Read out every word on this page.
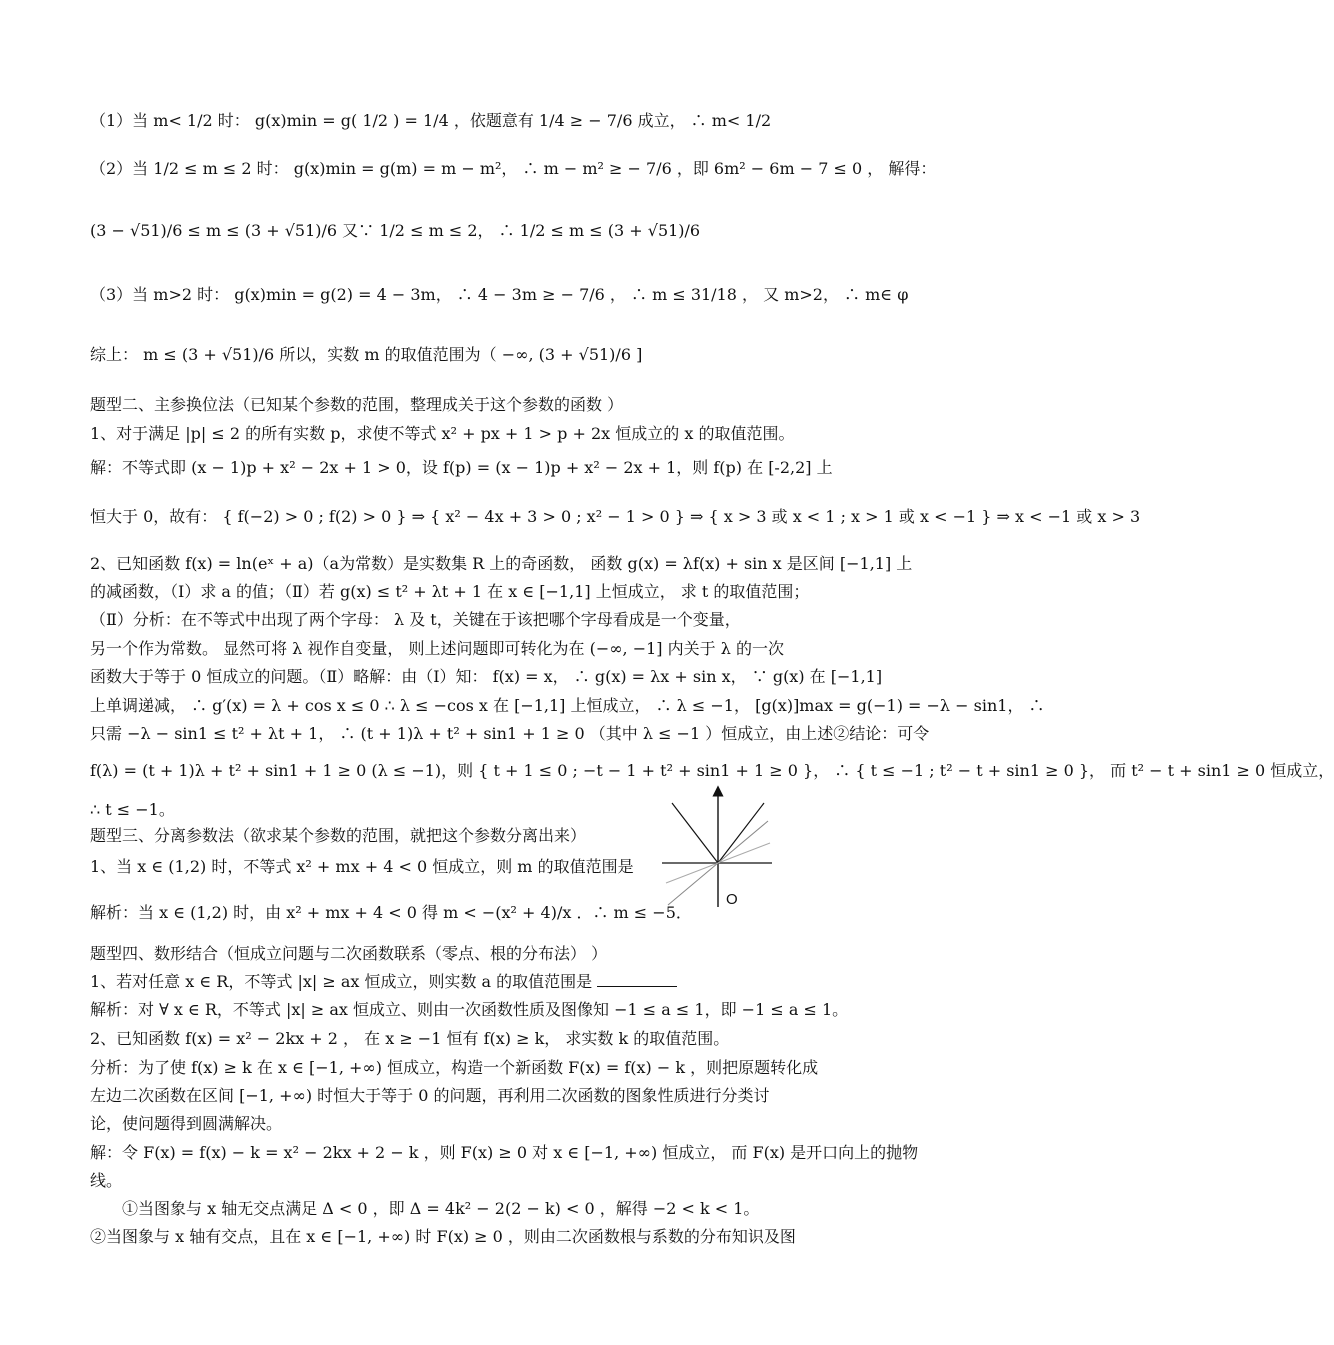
（1）当 m< 1/2 时： g(x)min = g( 1/2 ) = 1/4 ，依题意有 1/4 ≥ − 7/6 成立， ∴ m< 1/2
（2）当 1/2 ≤ m ≤ 2 时： g(x)min = g(m) = m − m²， ∴ m − m² ≥ − 7/6 ，即 6m² − 6m − 7 ≤ 0 ， 解得：
(3 − √51)/6 ≤ m ≤ (3 + √51)/6 又∵ 1/2 ≤ m ≤ 2， ∴ 1/2 ≤ m ≤ (3 + √51)/6
（3）当 m>2 时： g(x)min = g(2) = 4 − 3m， ∴ 4 − 3m ≥ − 7/6 ， ∴ m ≤ 31/18 ， 又 m>2， ∴ m∈ φ
综上： m ≤ (3 + √51)/6 所以，实数 m 的取值范围为（ −∞, (3 + √51)/6 ]
题型二、主参换位法（已知某个参数的范围，整理成关于这个参数的函数 ）
1、对于满足 |p| ≤ 2 的所有实数 p，求使不等式 x² + px + 1 > p + 2x 恒成立的 x 的取值范围。
解：不等式即 (x − 1)p + x² − 2x + 1 > 0，设 f(p) = (x − 1)p + x² − 2x + 1，则 f(p) 在 [-2,2] 上
恒大于 0，故有： { f(−2) > 0 ; f(2) > 0 } ⇒ { x² − 4x + 3 > 0 ; x² − 1 > 0 } ⇒ { x > 3 或 x < 1 ; x > 1 或 x < −1 } ⇒ x < −1 或 x > 3
2、已知函数 f(x) = ln(eˣ + a)（a为常数）是实数集 R 上的奇函数， 函数 g(x) = λf(x) + sin x 是区间 [−1,1] 上
的减函数，（Ⅰ）求 a 的值；（Ⅱ）若 g(x) ≤ t² + λt + 1 在 x ∈ [−1,1] 上恒成立， 求 t 的取值范围；
（Ⅱ）分析：在不等式中出现了两个字母： λ 及 t，关键在于该把哪个字母看成是一个变量，
另一个作为常数。 显然可将 λ 视作自变量， 则上述问题即可转化为在 (−∞, −1] 内关于 λ 的一次
函数大于等于 0 恒成立的问题。（Ⅱ）略解：由（Ⅰ）知： f(x) = x， ∴ g(x) = λx + sin x， ∵ g(x) 在 [−1,1]
上单调递减， ∴ g′(x) = λ + cos x ≤ 0 ∴ λ ≤ −cos x 在 [−1,1] 上恒成立， ∴ λ ≤ −1， [g(x)]max = g(−1) = −λ − sin1， ∴
只需 −λ − sin1 ≤ t² + λt + 1， ∴ (t + 1)λ + t² + sin1 + 1 ≥ 0 （其中 λ ≤ −1 ）恒成立，由上述②结论：可令
f(λ) = (t + 1)λ + t² + sin1 + 1 ≥ 0 (λ ≤ −1)，则 { t + 1 ≤ 0 ; −t − 1 + t² + sin1 + 1 ≥ 0 }， ∴ { t ≤ −1 ; t² − t + sin1 ≥ 0 }， 而 t² − t + sin1 ≥ 0 恒成立，
∴ t ≤ −1。
题型三、分离参数法（欲求某个参数的范围，就把这个参数分离出来）
1、当 x ∈ (1,2) 时，不等式 x² + mx + 4 < 0 恒成立，则 m 的取值范围是
解析：当 x ∈ (1,2) 时，由 x² + mx + 4 < 0 得 m < −(x² + 4)/x ．∴ m ≤ −5．
题型四、数形结合（恒成立问题与二次函数联系（零点、根的分布法） ）
1、若对任意 x ∈ R，不等式 |x| ≥ ax 恒成立，则实数 a 的取值范围是
解析：对 ∀ x ∈ R，不等式 |x| ≥ ax 恒成立、则由一次函数性质及图像知 −1 ≤ a ≤ 1，即 −1 ≤ a ≤ 1。
2、已知函数 f(x) = x² − 2kx + 2 ， 在 x ≥ −1 恒有 f(x) ≥ k， 求实数 k 的取值范围。
分析：为了使 f(x) ≥ k 在 x ∈ [−1, +∞) 恒成立，构造一个新函数 F(x) = f(x) − k ，则把原题转化成
左边二次函数在区间 [−1, +∞) 时恒大于等于 0 的问题，再利用二次函数的图象性质进行分类讨
论，使问题得到圆满解决。
解：令 F(x) = f(x) − k = x² − 2kx + 2 − k ，则 F(x) ≥ 0 对 x ∈ [−1, +∞) 恒成立， 而 F(x) 是开口向上的抛物
线。
①当图象与 x 轴无交点满足 Δ < 0 ，即 Δ = 4k² − 2(2 − k) < 0 ，解得 −2 < k < 1。
②当图象与 x 轴有交点，且在 x ∈ [−1, +∞) 时 F(x) ≥ 0 ，则由二次函数根与系数的分布知识及图
O
